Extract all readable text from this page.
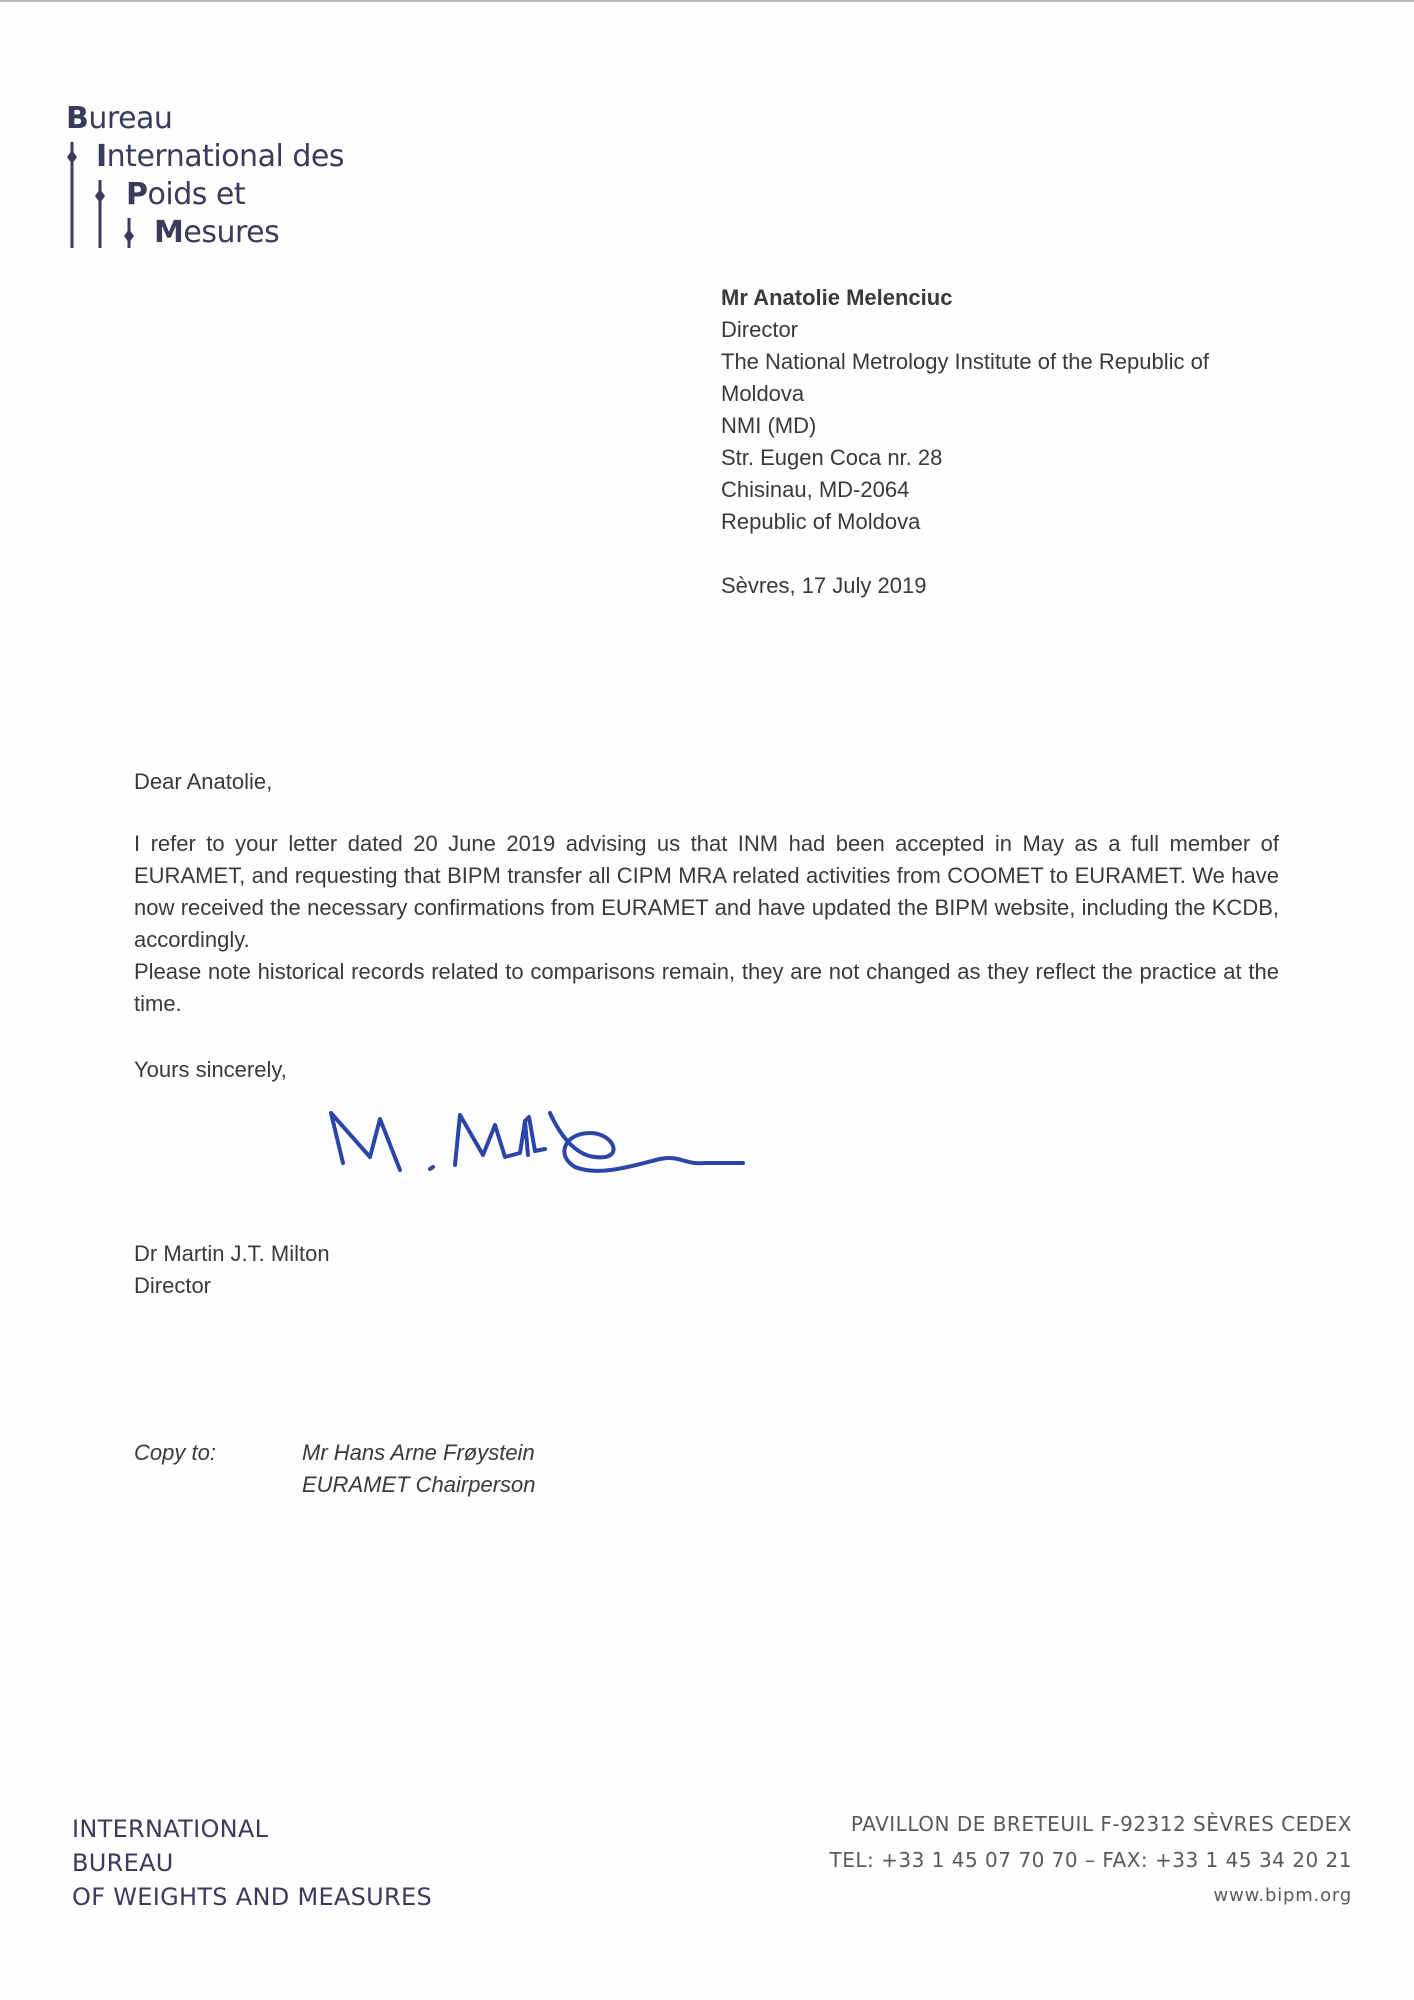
Bureau
International des
Poids et
Mesures
Mr Anatolie Melenciuc
Director
The National Metrology Institute of the Republic of
Moldova
NMI (MD)
Str. Eugen Coca nr. 28
Chisinau, MD-2064
Republic of Moldova
Sèvres, 17 July 2019
Dear Anatolie,

I refer to your letter dated 20 June 2019 advising us that INM had been accepted in May as a full member of EURAMET, and requesting that BIPM transfer all CIPM MRA related activities from COOMET to EURAMET. We have now received the necessary confirmations from EURAMET and have updated the BIPM website, including the KCDB, accordingly.

Please note historical records related to comparisons remain, they are not changed as they reflect the practice at the time.

Yours sincerely,
Dr Martin J.T. Milton
Director
Copy to:	Mr Hans Arne Frøystein
EURAMET Chairperson
INTERNATIONAL
BUREAU
OF WEIGHTS AND MEASURES
PAVILLON DE BRETEUIL F-92312 SÈVRES CEDEX
TEL: +33 1 45 07 70 70 – FAX: +33 1 45 34 20 21
www.bipm.org
